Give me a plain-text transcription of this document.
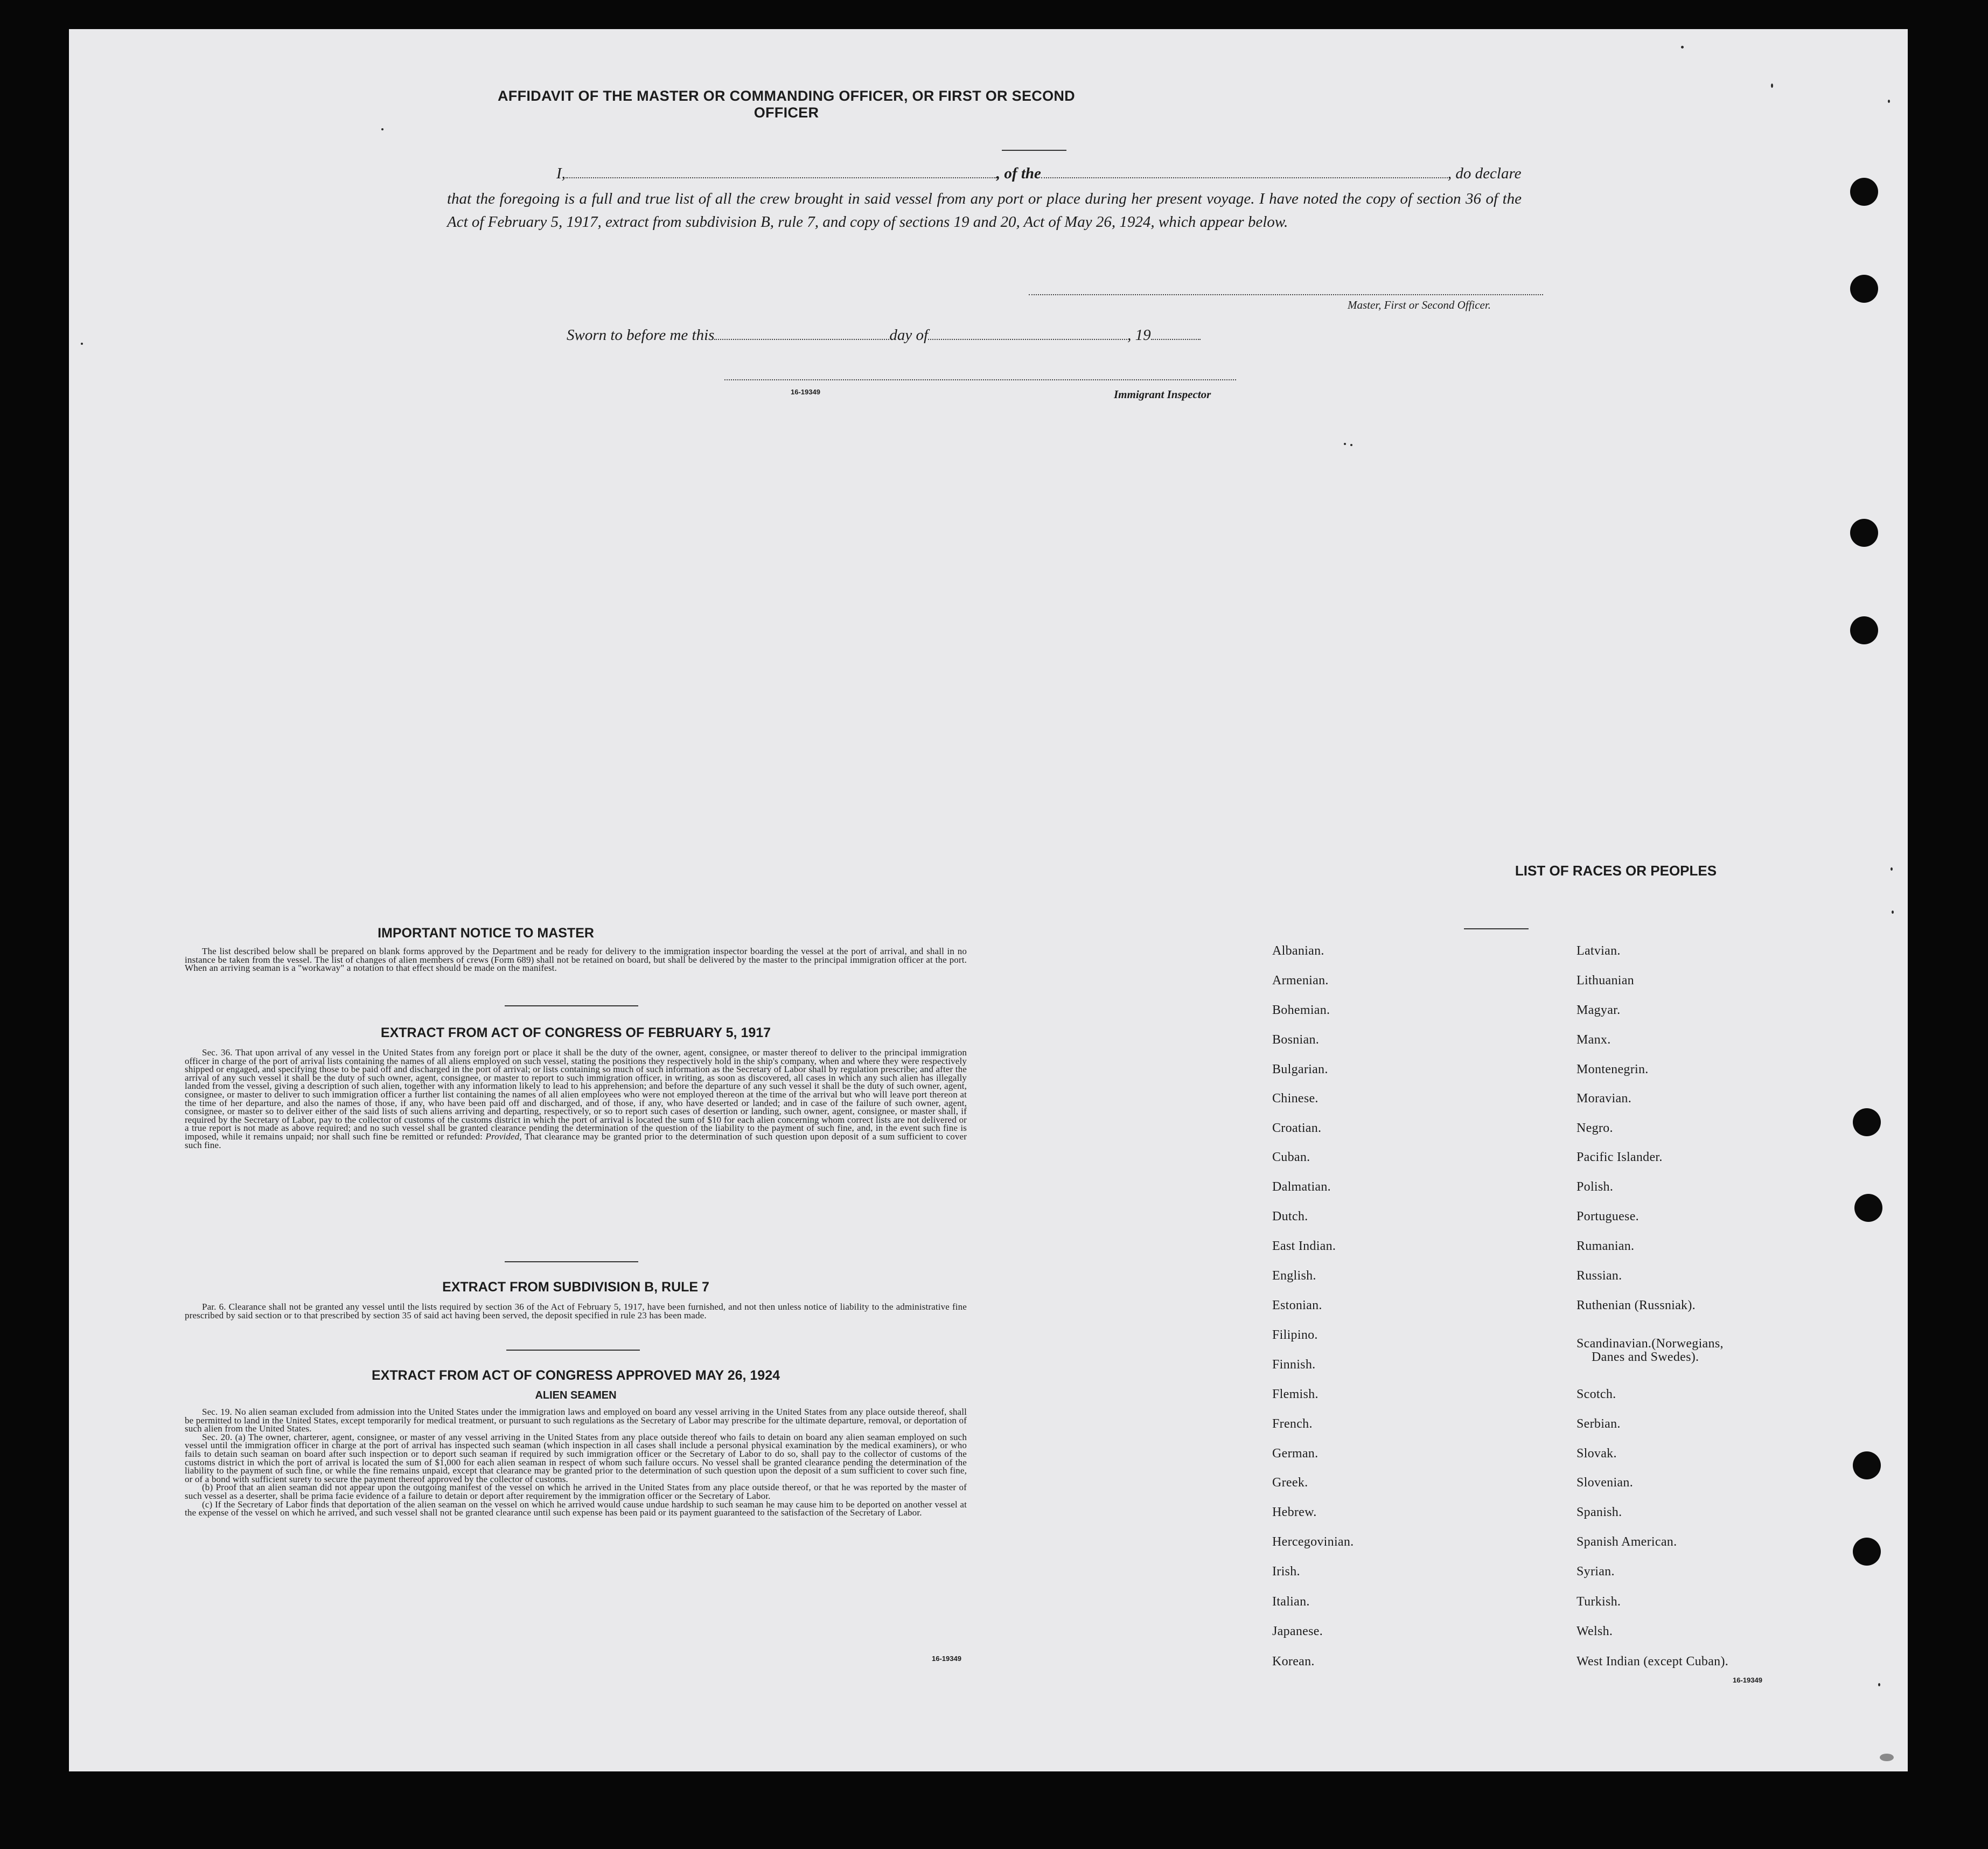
AFFIDAVIT OF THE MASTER OR COMMANDING OFFICER, OR FIRST OR SECOND OFFICER
I,	, of the	, do declare
that the foregoing is a full and true list of all the crew brought in said vessel from any port or place during her present voyage. I have noted the copy of section 36 of the Act of February 5, 1917, extract from subdivision B, rule 7, and copy of sections 19 and 20, Act of May 26, 1924, which appear below.
Master, First or Second Officer.
Sworn to before me this	day of	, 19
16-19349	Immigrant Inspector
IMPORTANT NOTICE TO MASTER
The list described below shall be prepared on blank forms approved by the Department and be ready for delivery to the immigration inspector boarding the vessel at the port of arrival, and shall in no instance be taken from the vessel. The list of changes of alien members of crews (Form 689) shall not be retained on board, but shall be delivered by the master to the principal immigration officer at the port. When an arriving seaman is a "workaway" a notation to that effect should be made on the manifest.
EXTRACT FROM ACT OF CONGRESS OF FEBRUARY 5, 1917
Sec. 36. That upon arrival of any vessel in the United States from any foreign port or place it shall be the duty of the owner, agent, consignee, or master thereof to deliver to the principal immigration officer in charge of the port of arrival lists containing the names of all aliens employed on such vessel, stating the positions they respectively hold in the ship's company, when and where they were respectively shipped or engaged, and specifying those to be paid off and discharged in the port of arrival; or lists containing so much of such information as the Secretary of Labor shall by regulation prescribe; and after the arrival of any such vessel it shall be the duty of such owner, agent, consignee, or master to report to such immigration officer, in writing, as soon as discovered, all cases in which any such alien has illegally landed from the vessel, giving a description of such alien, together with any information likely to lead to his apprehension; and before the departure of any such vessel it shall be the duty of such owner, agent, consignee, or master to deliver to such immigration officer a further list containing the names of all alien employees who were not employed thereon at the time of the arrival but who will leave port thereon at the time of her departure, and also the names of those, if any, who have been paid off and discharged, and of those, if any, who have deserted or landed; and in case of the failure of such owner, agent, consignee, or master so to deliver either of the said lists of such aliens arriving and departing, respectively, or so to report such cases of desertion or landing, such owner, agent, consignee, or master shall, if required by the Secretary of Labor, pay to the collector of customs of the customs district in which the port of arrival is located the sum of $10 for each alien concerning whom correct lists are not delivered or a true report is not made as above required; and no such vessel shall be granted clearance pending the determination of the question of the liability to the payment of such fine, and, in the event such fine is imposed, while it remains unpaid; nor shall such fine be remitted or refunded: Provided, That clearance may be granted prior to the determination of such question upon deposit of a sum sufficient to cover such fine.
EXTRACT FROM SUBDIVISION B, RULE 7
Par. 6. Clearance shall not be granted any vessel until the lists required by section 36 of the Act of February 5, 1917, have been furnished, and not then unless notice of liability to the administrative fine prescribed by said section or to that prescribed by section 35 of said act having been served, the deposit specified in rule 23 has been made.
EXTRACT FROM ACT OF CONGRESS APPROVED MAY 26, 1924
ALIEN SEAMEN

Sec. 19. No alien seaman excluded from admission into the United States under the immigration laws and employed on board any vessel arriving in the United States from any place outside thereof, shall be permitted to land in the United States, except temporarily for medical treatment, or pursuant to such regulations as the Secretary of Labor may prescribe for the ultimate departure, removal, or deportation of such alien from the United States.

Sec. 20. (a) The owner, charterer, agent, consignee, or master of any vessel arriving in the United States from any place outside thereof who fails to detain on board any alien seaman employed on such vessel until the immigration officer in charge at the port of arrival has inspected such seaman (which inspection in all cases shall include a personal physical examination by the medical examiners), or who fails to detain such seaman on board after such inspection or to deport such seaman if required by such immigration officer or the Secretary of Labor to do so, shall pay to the collector of customs of the customs district in which the port of arrival is located the sum of $1,000 for each alien seaman in respect of whom such failure occurs. No vessel shall be granted clearance pending the determination of the liability to the payment of such fine, or while the fine remains unpaid, except that clearance may be granted prior to the determination of such question upon the deposit of a sum sufficient to cover such fine, or of a bond with sufficient surety to secure the payment thereof approved by the collector of customs.

(b) Proof that an alien seaman did not appear upon the outgoing manifest of the vessel on which he arrived in the United States from any place outside thereof, or that he was reported by the master of such vessel as a deserter, shall be prima facie evidence of a failure to detain or deport after requirement by the immigration officer or the Secretary of Labor.

(c) If the Secretary of Labor finds that deportation of the alien seaman on the vessel on which he arrived would cause undue hardship to such seaman he may cause him to be deported on another vessel at the expense of the vessel on which he arrived, and such vessel shall not be granted clearance until such expense has been paid or its payment guaranteed to the satisfaction of the Secretary of Labor.

16-19349
LIST OF RACES OR PEOPLES
Albanian.
Armenian.
Bohemian.
Bosnian.
Bulgarian.
Chinese.
Croatian.
Cuban.
Dalmatian.
Dutch.
East Indian.
English.
Estonian.
Filipino.
Finnish.
Flemish.
French.
German.
Greek.
Hebrew.
Hercegovinian.
Irish.
Italian.
Japanese.
Korean.
Latvian.
Lithuanian
Magyar.
Manx.
Montenegrin.
Moravian.
Negro.
Pacific Islander.
Polish.
Portuguese.
Rumanian.
Russian.
Ruthenian (Russniak).
Scandinavian.(Norwegians,
Danes and Swedes).
Scotch.
Serbian.
Slovak.
Slovenian.
Spanish.
Spanish American.
Syrian.
Turkish.
Welsh.
West Indian (except Cuban).
16-19349
